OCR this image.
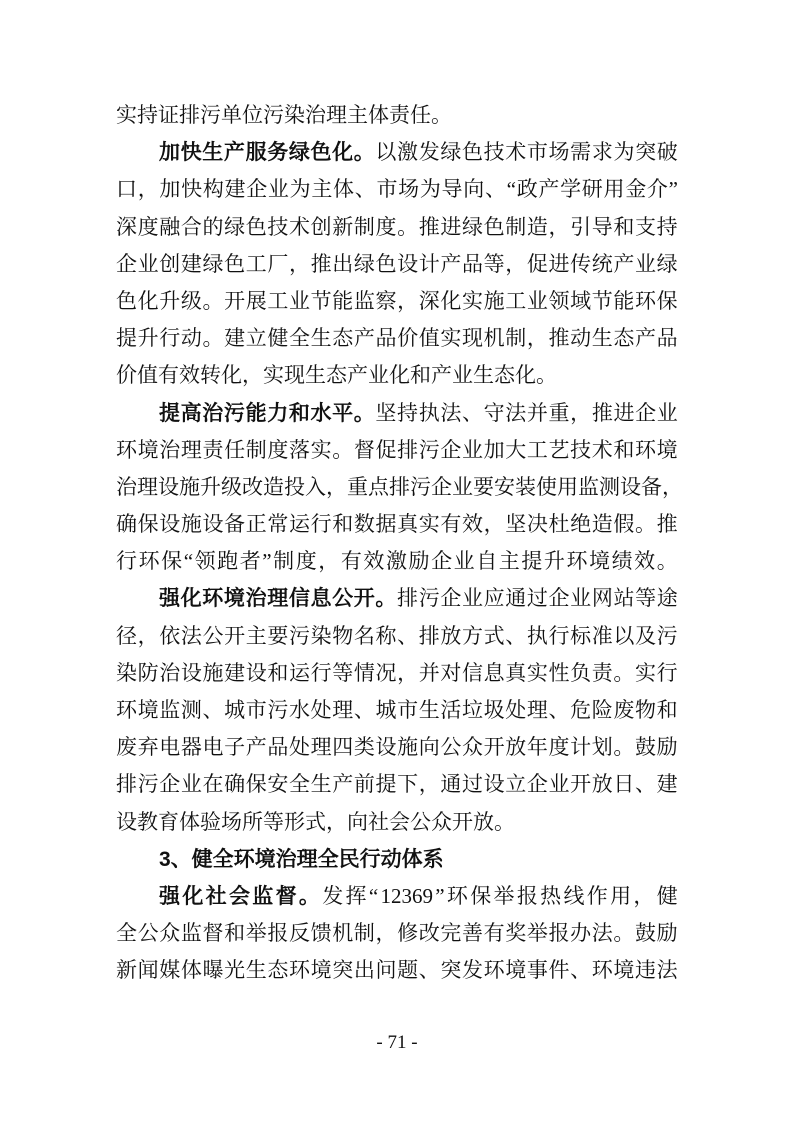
实持证排污单位污染治理主体责任。
加 快 生 产 服 务 绿 色 化 。 以 激 发 绿 色 技 术 市 场 需 求 为 突 破
口 ， 加 快 构 建 企 业 为 主 体 、 市 场 为 导 向 、 “ 政 产 学 研 用 金 介 ”
深 度 融 合 的 绿 色 技 术 创 新 制 度 。 推 进 绿 色 制 造 ， 引 导 和 支 持
企 业 创 建 绿 色 工 厂 ， 推 出 绿 色 设 计 产 品 等 ， 促 进 传 统 产 业 绿
色 化 升 级 。 开 展 工 业 节 能 监 察 ， 深 化 实 施 工 业 领 域 节 能 环 保
提 升 行 动 。 建 立 健 全 生 态 产 品 价 值 实 现 机 制 ， 推 动 生 态 产 品
价值有效转化，实现生态产业化和产业生态化。
提 高 治 污 能 力 和 水 平 。 坚 持 执 法 、 守 法 并 重 ， 推 进 企 业
环 境 治 理 责 任 制 度 落 实 。 督 促 排 污 企 业 加 大 工 艺 技 术 和 环 境
治 理 设 施 升 级 改 造 投 入 ， 重 点 排 污 企 业 要 安 装 使 用 监 测 设 备 ，
确 保 设 施 设 备 正 常 运 行 和 数 据 真 实 有 效 ， 坚 决 杜 绝 造 假 。 推
行 环 保 “ 领 跑 者 ” 制 度 ， 有 效 激 励 企 业 自 主 提 升 环 境 绩 效 。
强 化 环 境 治 理 信 息 公 开 。 排 污 企 业 应 通 过 企 业 网 站 等 途
径 ， 依 法 公 开 主 要 污 染 物 名 称 、 排 放 方 式 、 执 行 标 准 以 及 污
染 防 治 设 施 建 设 和 运 行 等 情 况 ， 并 对 信 息 真 实 性 负 责 。 实 行
环 境 监 测 、 城 市 污 水 处 理 、 城 市 生 活 垃 圾 处 理 、 危 险 废 物 和
废 弃 电 器 电 子 产 品 处 理 四 类 设 施 向 公 众 开 放 年 度 计 划 。 鼓 励
排 污 企 业 在 确 保 安 全 生 产 前 提 下 ， 通 过 设 立 企 业 开 放 日 、 建
设教育体验场所等形式，向社会公众开放。
3、健全环境治理全民行动体系
强 化 社 会 监 督 。 发 挥 “ 12369 ” 环 保 举 报 热 线 作 用 ， 健
全 公 众 监 督 和 举 报 反 馈 机 制 ， 修 改 完 善 有 奖 举 报 办 法 。 鼓 励
新 闻 媒 体 曝 光 生 态 环 境 突 出 问 题 、 突 发 环 境 事 件 、 环 境 违 法
- 71 -
